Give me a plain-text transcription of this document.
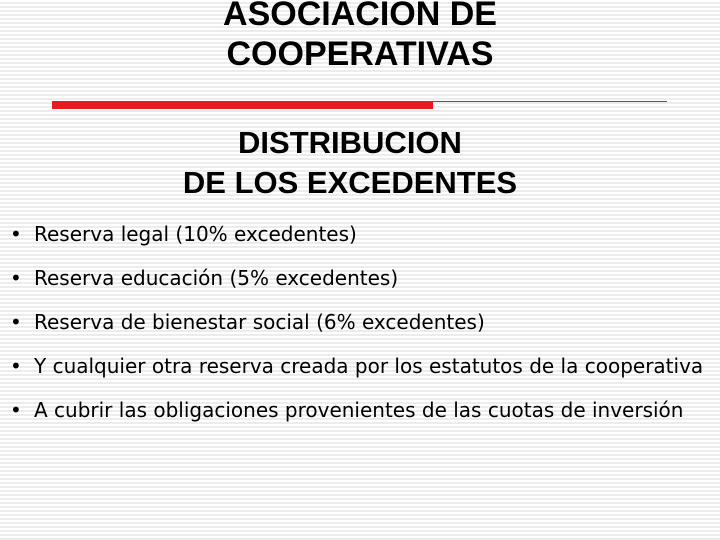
ASOCIACION DE
COOPERATIVAS
DISTRIBUCION
DE LOS EXCEDENTES
• Reserva legal (10% excedentes)
• Reserva educación (5% excedentes)
• Reserva de bienestar social (6% excedentes)
• Y cualquier otra reserva creada por los estatutos de la cooperativa
• A cubrir las obligaciones provenientes de las cuotas de inversión
